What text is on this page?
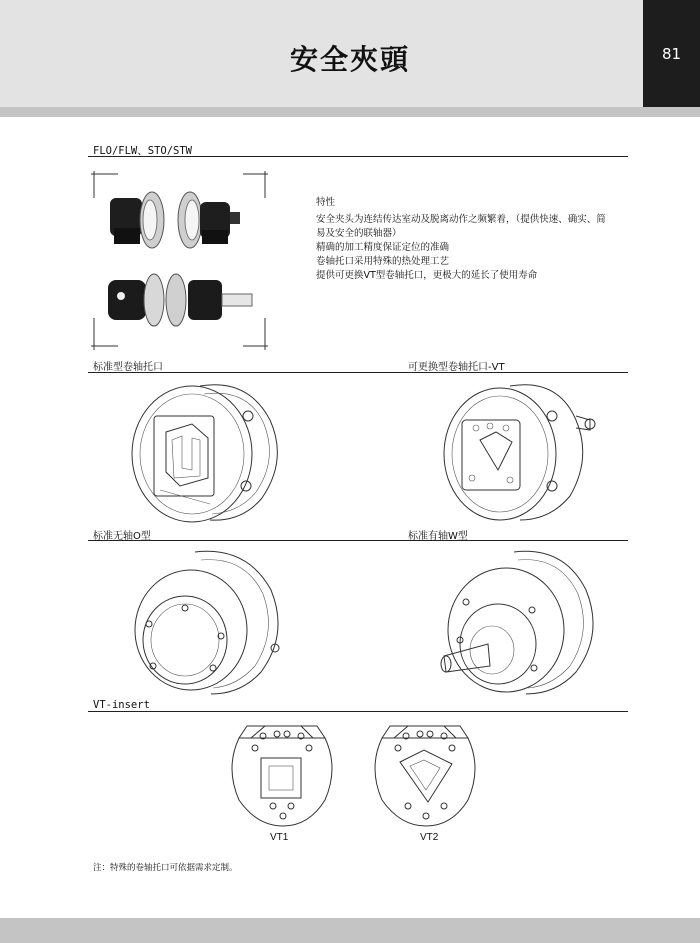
安全夾頭	81
FLO/FLW、STO/STW
特性
安全夹头为连结传达室动及脱离动作之频繁着，（提供快速、确实、简
易及安全的联轴器）
精确的加工精度保证定位的准确
卷轴托口采用特殊的热处理工艺
提供可更换VT型卷轴托口，更极大的延长了使用寿命
标准型卷轴托口	可更换型卷轴托口-VT
标准无轴O型	标准有轴W型
VT-insert
VT1	VT2
注：特殊的卷轴托口可依据需求定制。
